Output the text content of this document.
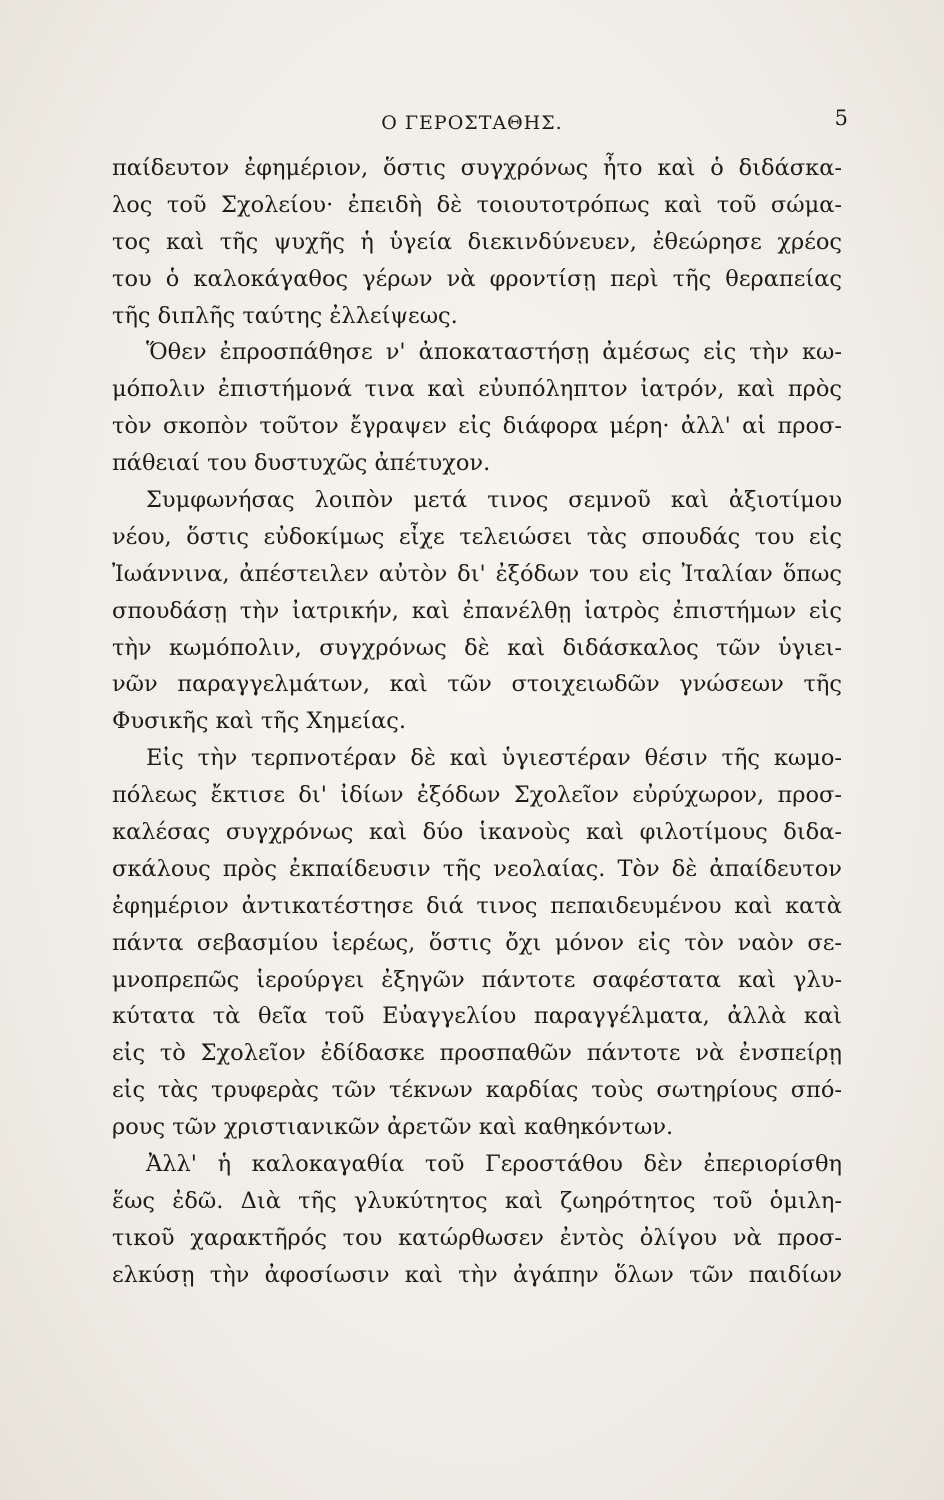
Ο ΓΕΡΟΣΤΑΘΗΣ.	5
παίδευτον ἐφημέριον, ὅστις συγχρόνως ἦτο καὶ ὁ διδάσκα-
λος τοῦ Σχολείου· ἐπειδὴ δὲ τοιουτοτρόπως καὶ τοῦ σώμα-
τος καὶ τῆς ψυχῆς ἡ ὑγεία διεκινδύνευεν, ἐθεώρησε χρέος
του ὁ καλοκάγαθος γέρων νὰ φροντίσῃ περὶ τῆς θεραπείας
τῆς διπλῆς ταύτης ἐλλείψεως.
Ὅθεν ἐπροσπάθησε ν' ἀποκαταστήσῃ ἀμέσως εἰς τὴν κω-
μόπολιν ἐπιστήμονά τινα καὶ εὐυπόληπτον ἰατρόν, καὶ πρὸς
τὸν σκοπὸν τοῦτον ἔγραψεν εἰς διάφορα μέρη· ἀλλ' αἱ προσ-
πάθειαί του δυστυχῶς ἀπέτυχον.
Συμφωνήσας λοιπὸν μετά τινος σεμνοῦ καὶ ἀξιοτίμου
νέου, ὅστις εὐδοκίμως εἶχε τελειώσει τὰς σπουδάς του εἰς
Ἰωάννινα, ἀπέστειλεν αὐτὸν δι' ἐξόδων του εἰς Ἰταλίαν ὅπως
σπουδάσῃ τὴν ἰατρικήν, καὶ ἐπανέλθῃ ἰατρὸς ἐπιστήμων εἰς
τὴν κωμόπολιν, συγχρόνως δὲ καὶ διδάσκαλος τῶν ὑγιει-
νῶν παραγγελμάτων, καὶ τῶν στοιχειωδῶν γνώσεων τῆς
Φυσικῆς καὶ τῆς Χημείας.
Εἰς τὴν τερπνοτέραν δὲ καὶ ὑγιεστέραν θέσιν τῆς κωμο-
πόλεως ἔκτισε δι' ἰδίων ἐξόδων Σχολεῖον εὐρύχωρον, προσ-
καλέσας συγχρόνως καὶ δύο ἱκανοὺς καὶ φιλοτίμους διδα-
σκάλους πρὸς ἐκπαίδευσιν τῆς νεολαίας. Τὸν δὲ ἀπαίδευτον
ἐφημέριον ἀντικατέστησε διά τινος πεπαιδευμένου καὶ κατὰ
πάντα σεβασμίου ἱερέως, ὅστις ὄχι μόνον εἰς τὸν ναὸν σε-
μνοπρεπῶς ἱερούργει ἐξηγῶν πάντοτε σαφέστατα καὶ γλυ-
κύτατα τὰ θεῖα τοῦ Εὐαγγελίου παραγγέλματα, ἀλλὰ καὶ
εἰς τὸ Σχολεῖον ἐδίδασκε προσπαθῶν πάντοτε νὰ ἐνσπείρῃ
εἰς τὰς τρυφερὰς τῶν τέκνων καρδίας τοὺς σωτηρίους σπό-
ρους τῶν χριστιανικῶν ἀρετῶν καὶ καθηκόντων.
Ἀλλ' ἡ καλοκαγαθία τοῦ Γεροστάθου δὲν ἐπεριορίσθη
ἕως ἐδῶ. Διὰ τῆς γλυκύτητος καὶ ζωηρότητος τοῦ ὁμιλη-
τικοῦ χαρακτῆρός του κατώρθωσεν ἐντὸς ὀλίγου νὰ προσ-
ελκύσῃ τὴν ἀφοσίωσιν καὶ τὴν ἀγάπην ὅλων τῶν παιδίων
